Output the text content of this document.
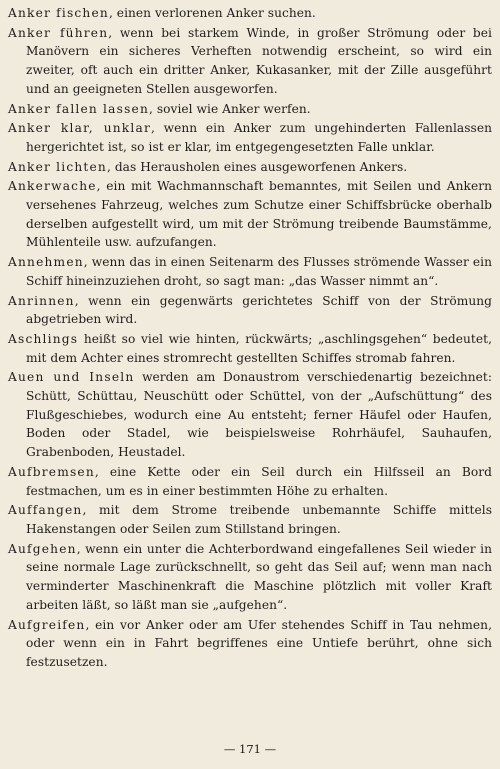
Anker fischen, einen verlorenen Anker suchen.

Anker führen, wenn bei starkem Winde, in großer Strömung oder bei Manövern ein sicheres Verheften notwendig erscheint, so wird ein zweiter, oft auch ein dritter Anker, Kukasanker, mit der Zille ausgeführt und an geeigneten Stellen ausgeworfen.

Anker fallen lassen, soviel wie Anker werfen.

Anker klar, unklar, wenn ein Anker zum ungehinderten Fallenlassen hergerichtet ist, so ist er klar, im entgegengesetzten Falle unklar.

Anker lichten, das Herausholen eines ausgeworfenen Ankers.

Ankerwache, ein mit Wachmannschaft bemanntes, mit Seilen und Ankern versehenes Fahrzeug, welches zum Schutze einer Schiffsbrücke oberhalb derselben aufgestellt wird, um mit der Strömung treibende Baumstämme, Mühlenteile usw. aufzufangen.

Annehmen, wenn das in einen Seitenarm des Flusses strömende Wasser ein Schiff hineinzuziehen droht, so sagt man: „das Wasser nimmt an“.

Anrinnen, wenn ein gegenwärts gerichtetes Schiff von der Strömung abgetrieben wird.

Aschlings heißt so viel wie hinten, rückwärts; „aschlingsgehen“ bedeutet, mit dem Achter eines stromrecht gestellten Schiffes stromab fahren.

Auen und Inseln werden am Donaustrom verschiedenartig bezeichnet: Schütt, Schüttau, Neuschütt oder Schüttel, von der „Aufschüttung“ des Flußgeschiebes, wodurch eine Au entsteht; ferner Häufel oder Haufen, Boden oder Stadel, wie beispielsweise Rohrhäufel, Sauhaufen, Grabenboden, Heustadel.

Aufbremsen, eine Kette oder ein Seil durch ein Hilfsseil an Bord festmachen, um es in einer bestimmten Höhe zu erhalten.

Auffangen, mit dem Strome treibende unbemannte Schiffe mittels Hakenstangen oder Seilen zum Stillstand bringen.

Aufgehen, wenn ein unter die Achterbordwand eingefallenes Seil wieder in seine normale Lage zurückschnellt, so geht das Seil auf; wenn man nach verminderter Maschinenkraft die Maschine plötzlich mit voller Kraft arbeiten läßt, so läßt man sie „aufgehen“.

Aufgreifen, ein vor Anker oder am Ufer stehendes Schiff in Tau nehmen, oder wenn ein in Fahrt begriffenes eine Untiefe berührt, ohne sich festzusetzen.

— 171 —
